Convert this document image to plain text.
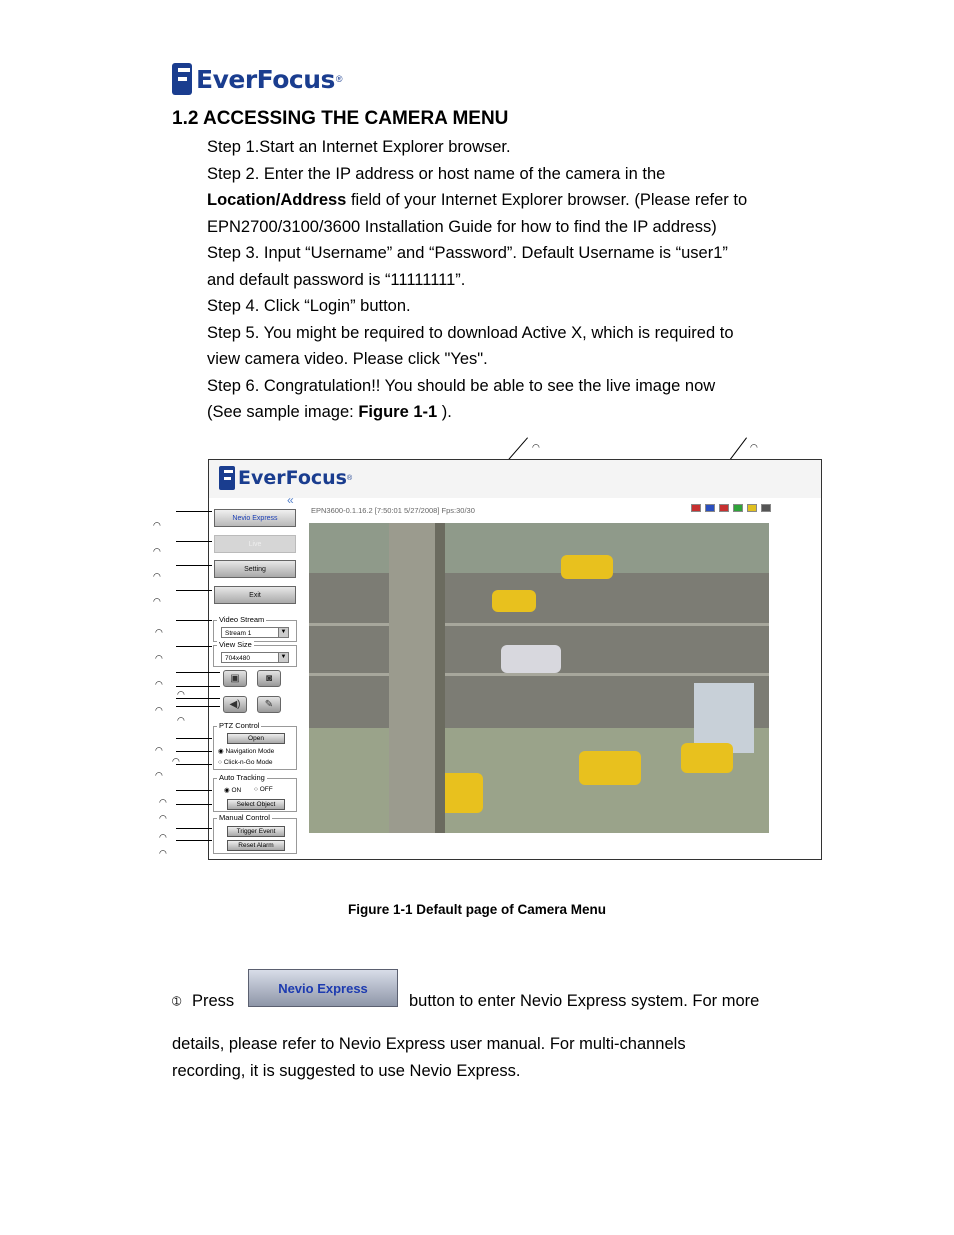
EverFocus ®
1.2 ACCESSING THE CAMERA MENU

Step 1.Start an Internet Explorer browser.

Step 2. Enter the IP address or host name of the camera in the

Location/Address field of your Internet Explorer browser. (Please refer to

EPN2700/3100/3600 Installation Guide for how to find the IP address)

Step 3. Input “Username” and “Password”. Default Username is “user1”

and default password is “11111111”.

Step 4. Click “Login” button.

Step 5. You might be required to download Active X, which is required to

view camera video. Please click "Yes".

Step 6. Congratulation!! You should be able to see the live image now

(See sample image: Figure 1-1 ).

◠	◠
EverFocus ®
«
EPN3600-0.1.16.2 [7:50:01 5/27/2008] Fps:30/30
Nevio Express
Live
Setting
Exit
Video Stream
Stream 1	▼
View Size
704x480	▼
▣	◙
◀)	✎
PTZ Control
Open
◉ Navigation Mode
○ Click-n-Go Mode
Auto Tracking
◉ ON ○ OFF
Select Object
Manual Control
Trigger Event
Reset Alarm
◠
◠
◠
◠
◠
◠
◠
◠
◠
◠
◠
◠
◠
◠
◠
◠
◠
Figure 1-1 Default page of Camera Menu
➀ Press
Nevio Express
button to enter Nevio Express system. For more

details, please refer to Nevio Express user manual. For multi-channels

recording, it is suggested to use Nevio Express.
